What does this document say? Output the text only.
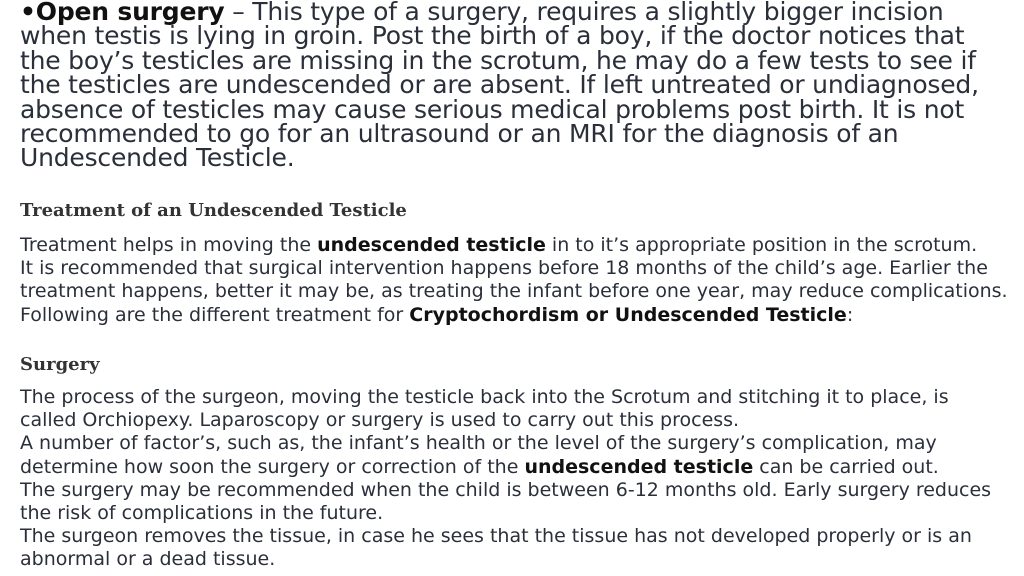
•Open surgery – This type of a surgery, requires a slightly bigger incision when testis is lying in groin. Post the birth of a boy, if the doctor notices that the boy’s testicles are missing in the scrotum, he may do a few tests to see if the testicles are undescended or are absent. If left untreated or undiagnosed, absence of testicles may cause serious medical problems post birth. It is not recommended to go for an ultrasound or an MRI for the diagnosis of an Undescended Testicle.

Treatment of an Undescended Testicle

Treatment helps in moving the undescended testicle in to it’s appropriate position in the scrotum.

It is recommended that surgical intervention happens before 18 months of the child’s age. Earlier the treatment happens, better it may be, as treating the infant before one year, may reduce complications.

Following are the different treatment for Cryptochordism or Undescended Testicle:

Surgery

The process of the surgeon, moving the testicle back into the Scrotum and stitching it to place, is called Orchiopexy. Laparoscopy or surgery is used to carry out this process.

A number of factor’s, such as, the infant’s health or the level of the surgery’s complication, may determine how soon the surgery or correction of the undescended testicle can be carried out.

The surgery may be recommended when the child is between 6-12 months old. Early surgery reduces the risk of complications in the future.

The surgeon removes the tissue, in case he sees that the tissue has not developed properly or is an abnormal or a dead tissue.
